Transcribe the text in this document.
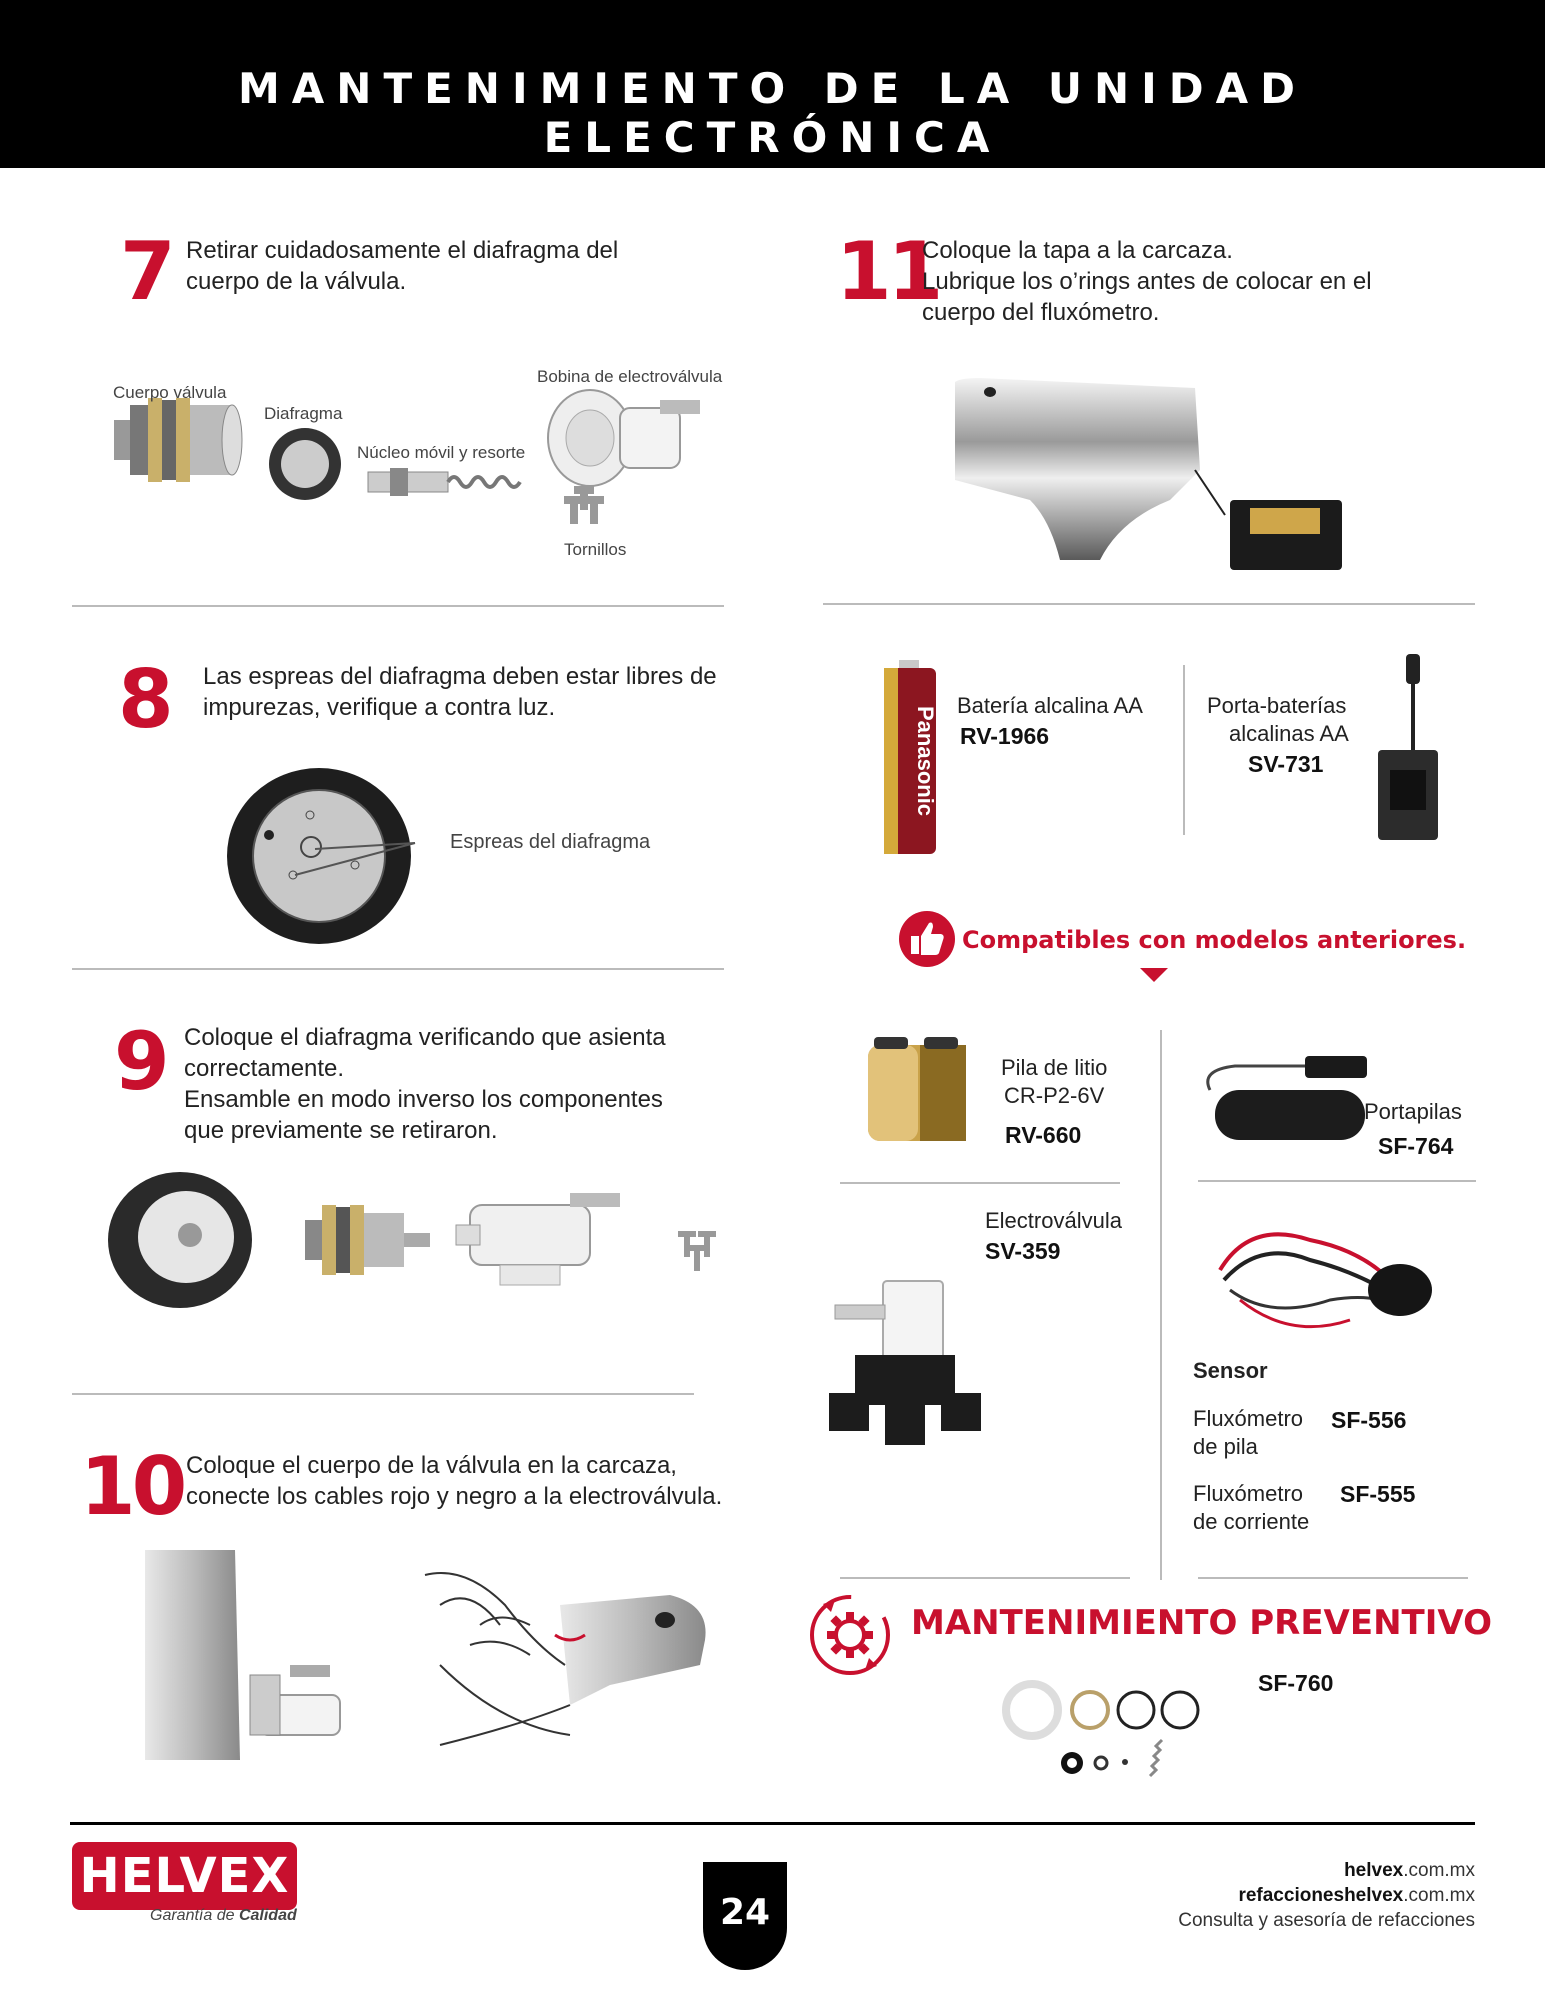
MANTENIMIENTO DE LA UNIDAD ELECTRÓNICA
7 Retirar cuidadosamente el diafragma del
cuerpo de la válvula.
Cuerpo válvula
Diafragma
Núcleo móvil y resorte
Bobina de electroválvula
Tornillos
8 Las espreas del diafragma deben estar libres de
impurezas, verifique a contra luz.
Espreas del diafragma
9 Coloque el diafragma verificando que asienta
correctamente.
Ensamble en modo inverso los componentes
que previamente se retiraron.
10 Coloque el cuerpo de la válvula en la carcaza,
conecte los cables rojo y negro a la electroválvula.
11
Coloque la tapa a la carcaza.
Lubrique los o’rings antes de colocar en el
cuerpo del fluxómetro.
Panasonic
Batería alcalina AA
RV-1966
Porta-baterías
alcalinas AA
SV-731
Compatibles con modelos anteriores.
Pila de litio
CR-P2-6V
RV-660
Portapilas
SF-764
Electroválvula
SV-359
Sensor
Fluxómetro
de pila
SF-556
Fluxómetro
de corriente
SF-555
MANTENIMIENTO PREVENTIVO
SF-760
HELVEX
Garantía de Calidad	24
helvex.com.mx
refaccioneshelvex.com.mx
Consulta y asesoría de refacciones
